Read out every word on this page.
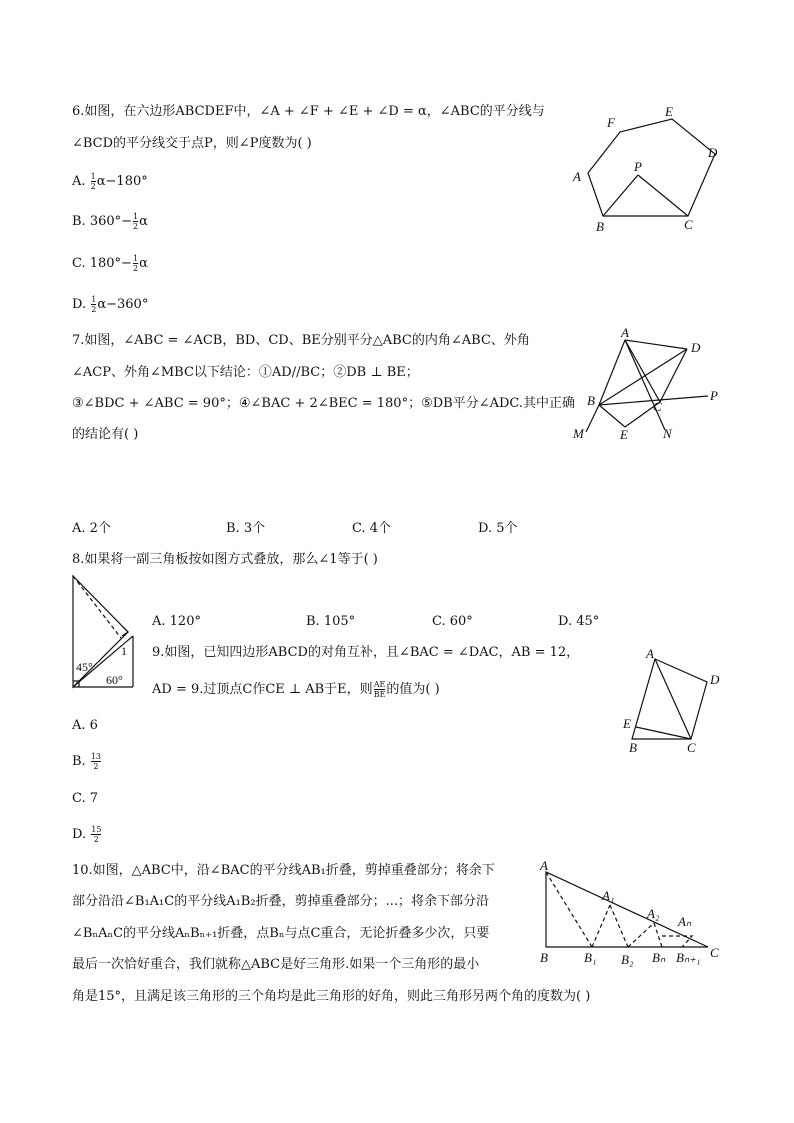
6.如图，在六边形ABCDEF中，∠A + ∠F + ∠E + ∠D = α，∠ABC的平分线与
∠BCD的平分线交于点P，则∠P度数为( )
A. $\frac{1}{2} \alpha-180^\circ$
B. $360^\circ- \frac{1}{2}$ α
C. $180^\circ- \frac{1}{2}$ α
D. $\frac{1}{2} \alpha-360^\circ$
A
F
E
D
C
B
P
7.如图，∠ABC = ∠ACB，BD、CD、BE分别平分△ABC的内角∠ABC、外角
∠ACP、外角∠MBC以下结论：①AD//BC；②DB ⊥ BE；
③∠BDC + ∠ABC = 90°；④∠BAC + 2∠BEC = 180°；⑤DB平分∠ADC.其中正确
的结论有( )
A. 2个	B. 3个	C. 4个	D. 5个
A
D
B	C
P
M	E	N
8.如果将一副三角板按如图方式叠放，那么∠1等于( )
45°
60°
1
A. 120°	B. 105°	C. 60°	D. 45°
9.如图，已知四边形ABCD的对角互补，且∠BAC = ∠DAC，AB = 12，
AD = 9.过顶点C作CE ⊥ AB于E，则 $\frac{AE}{BE}$ 的值为( )
A. 6
B. $\frac{13}{2}$
C. 7
D. $\frac{15}{2}$
A
D
E
B	C
10.如图，△ABC中，沿∠BAC的平分线AB₁折叠，剪掉重叠部分；将余下
部分沿沿∠B₁A₁C的平分线A₁B₂折叠，剪掉重叠部分；...；将余下部分沿
∠BₙAₙC的平分线AₙBₙ₊₁折叠，点Bₙ与点C重合，无论折叠多少次，只要
最后一次恰好重合，我们就称△ABC是好三角形.如果一个三角形的最小
角是15°，且满足该三角形的三个角均是此三角形的好角，则此三角形另两个角的度数为( )
A
A₁
A₂
Aₙ
B	B₁ B₂ Bₙ Bₙ₊₁ C
